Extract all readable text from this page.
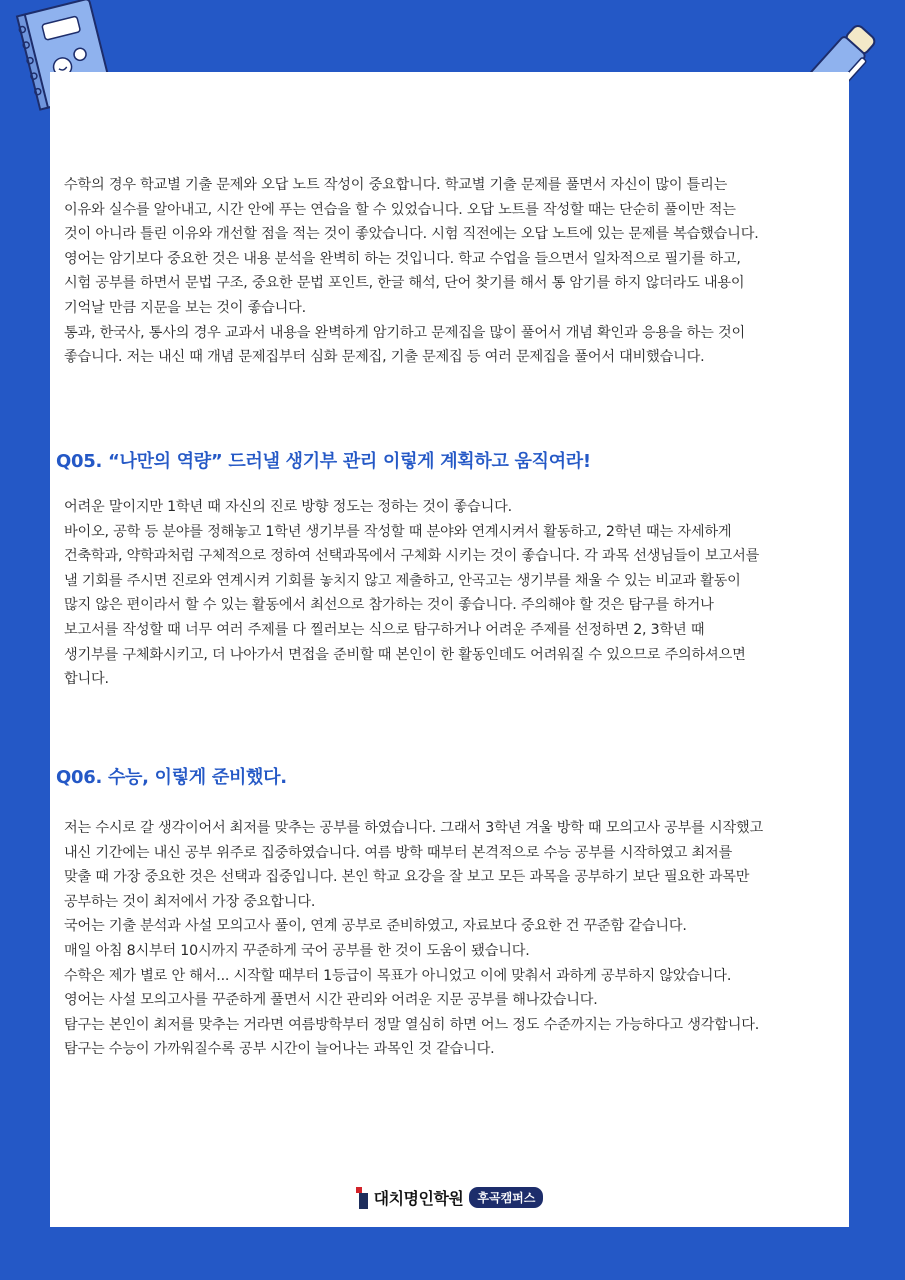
수학의 경우 학교별 기출 문제와 오답 노트 작성이 중요합니다. 학교별 기출 문제를 풀면서 자신이 많이 틀리는
이유와 실수를 알아내고, 시간 안에 푸는 연습을 할 수 있었습니다. 오답 노트를 작성할 때는 단순히 풀이만 적는
것이 아니라 틀린 이유와 개선할 점을 적는 것이 좋았습니다. 시험 직전에는 오답 노트에 있는 문제를 복습했습니다.
영어는 암기보다 중요한 것은 내용 분석을 완벽히 하는 것입니다. 학교 수업을 들으면서 일차적으로 필기를 하고,
시험 공부를 하면서 문법 구조, 중요한 문법 포인트, 한글 해석, 단어 찾기를 해서 통 암기를 하지 않더라도 내용이
기억날 만큼 지문을 보는 것이 좋습니다.
통과, 한국사, 통사의 경우 교과서 내용을 완벽하게 암기하고 문제집을 많이 풀어서 개념 확인과 응용을 하는 것이
좋습니다. 저는 내신 때 개념 문제집부터 심화 문제집, 기출 문제집 등 여러 문제집을 풀어서 대비했습니다.
Q05. “나만의 역량” 드러낼 생기부 관리 이렇게 계획하고 움직여라!
어려운 말이지만 1학년 때 자신의 진로 방향 정도는 정하는 것이 좋습니다.
바이오, 공학 등 분야를 정해놓고 1학년 생기부를 작성할 때 분야와 연계시켜서 활동하고, 2학년 때는 자세하게
건축학과, 약학과처럼 구체적으로 정하여 선택과목에서 구체화 시키는 것이 좋습니다. 각 과목 선생님들이 보고서를
낼 기회를 주시면 진로와 연계시켜 기회를 놓치지 않고 제출하고, 안곡고는 생기부를 채울 수 있는 비교과 활동이
많지 않은 편이라서 할 수 있는 활동에서 최선으로 참가하는 것이 좋습니다. 주의해야 할 것은 탐구를 하거나
보고서를 작성할 때 너무 여러 주제를 다 찔러보는 식으로 탐구하거나 어려운 주제를 선정하면 2, 3학년 때
생기부를 구체화시키고, 더 나아가서 면접을 준비할 때 본인이 한 활동인데도 어려워질 수 있으므로 주의하셔으면
합니다.
Q06. 수능, 이렇게 준비했다.
저는 수시로 갈 생각이어서 최저를 맞추는 공부를 하였습니다. 그래서 3학년 겨울 방학 때 모의고사 공부를 시작했고
내신 기간에는 내신 공부 위주로 집중하였습니다. 여름 방학 때부터 본격적으로 수능 공부를 시작하였고 최저를
맞출 때 가장 중요한 것은 선택과 집중입니다. 본인 학교 요강을 잘 보고 모든 과목을 공부하기 보단 필요한 과목만
공부하는 것이 최저에서 가장 중요합니다.
국어는 기출 분석과 사설 모의고사 풀이, 연계 공부로 준비하였고, 자료보다 중요한 건 꾸준함 같습니다.
매일 아침 8시부터 10시까지 꾸준하게 국어 공부를 한 것이 도움이 됐습니다.
수학은 제가 별로 안 해서... 시작할 때부터 1등급이 목표가 아니었고 이에 맞춰서 과하게 공부하지 않았습니다.
영어는 사설 모의고사를 꾸준하게 풀면서 시간 관리와 어려운 지문 공부를 해나갔습니다.
탐구는 본인이 최저를 맞추는 거라면 여름방학부터 정말 열심히 하면 어느 정도 수준까지는 가능하다고 생각합니다.
탐구는 수능이 가까워질수록 공부 시간이 늘어나는 과목인 것 같습니다.
대치명인학원	후곡캠퍼스
